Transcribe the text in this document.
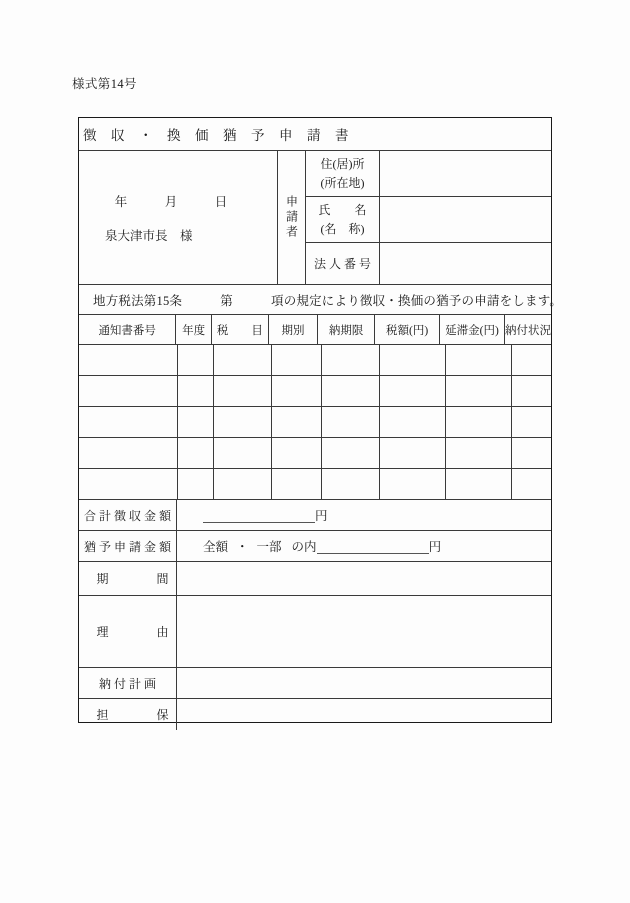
様式第14号
徴　収　・　換　価　猶　予　申　請　書
年　　　月　　　日
泉大津市長　様	申請者
住(居)所
(所在地)
氏　　名
(名　称)
法 人 番 号
地方税法第15条　　　第　　　項の規定により徴収・換価の猶予の申請をします。
通知書番号	年度	税　　目	期別	納期限	税額(円)	延滞金(円) 納付状況
合 計 徴 収 金 額	円
猶 予 申 請 金 額	全額 ・ 一部 の内	円
期　　　　間
理　　　　由
納 付 計 画
担　　　　保
